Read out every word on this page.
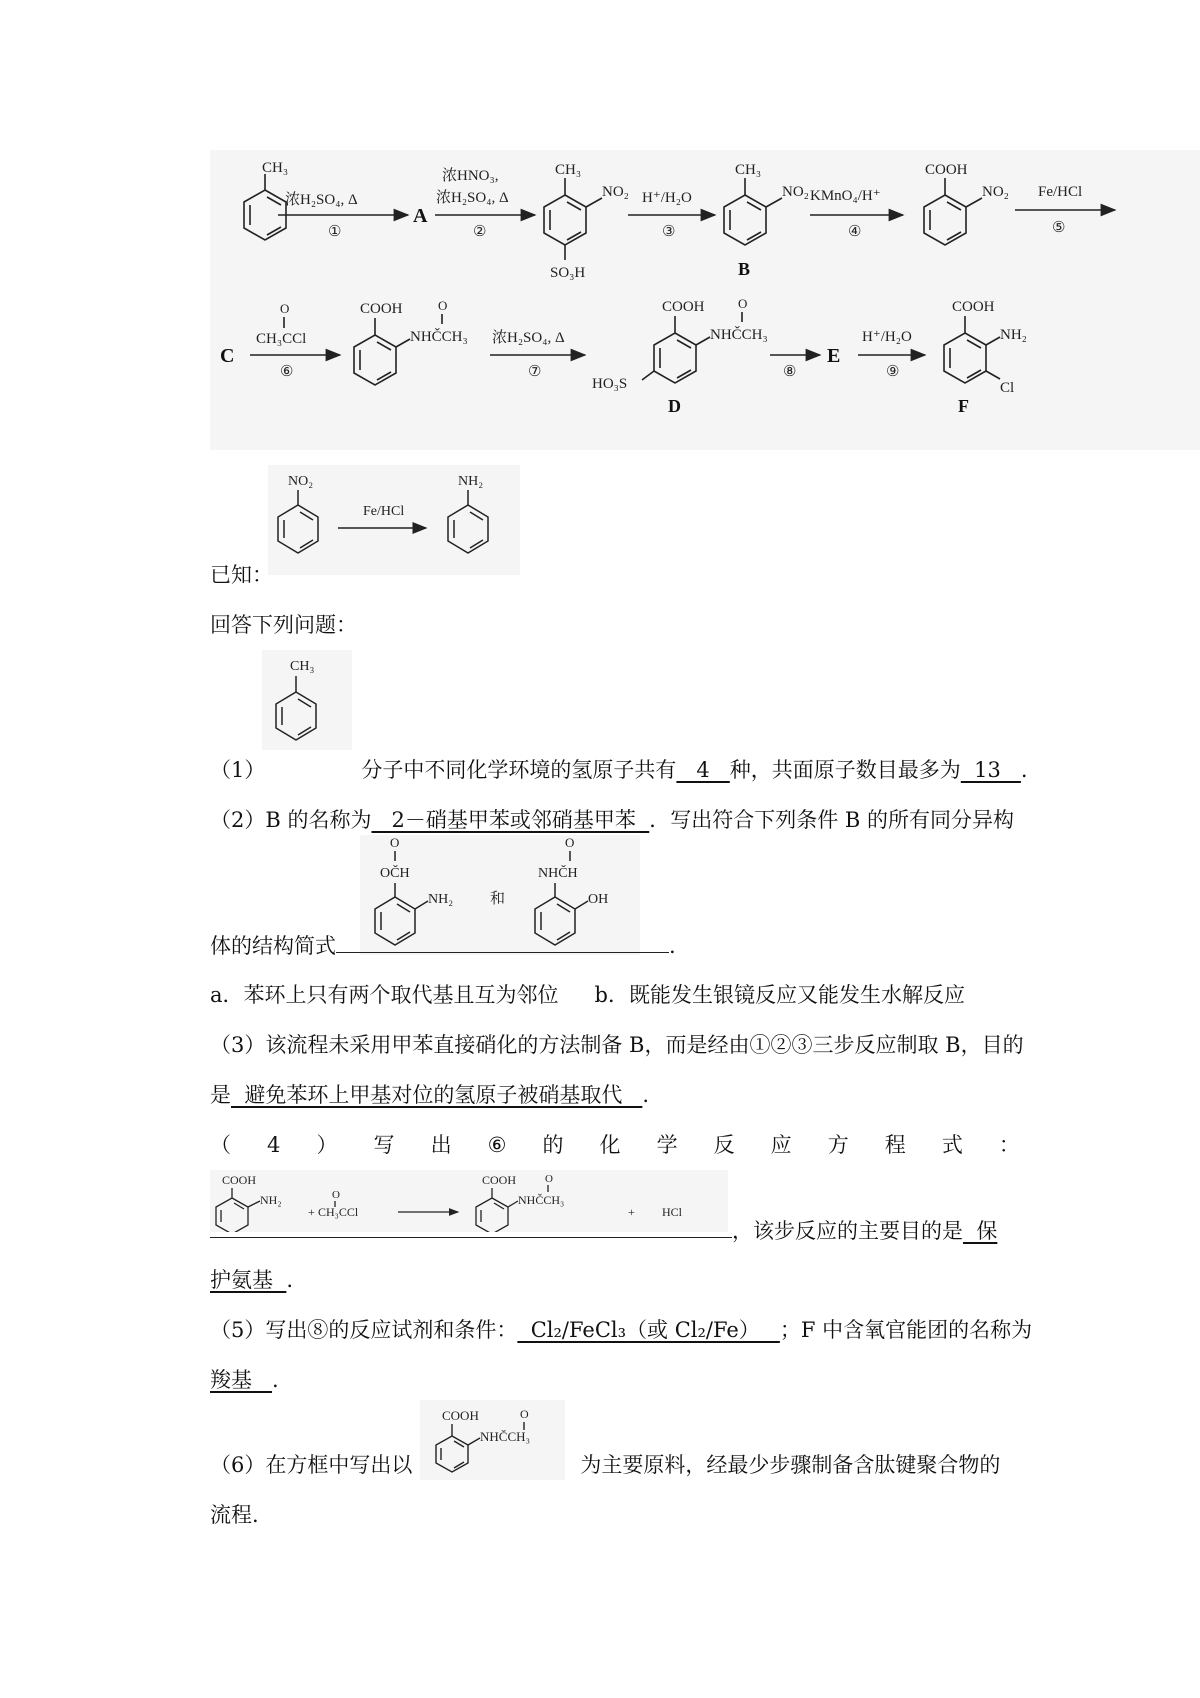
CH₃
浓H₂SO₄, Δ
①
A
浓HNO₃,
浓H₂SO₄, Δ
②
CH₃
NO₂
SO₃H
H⁺/H₂O
③
CH₃
NO₂
B
KMnO₄/H⁺
④
COOH
NO₂ Fe/HCl
⑤
C
O
CH₃CCl
⑥
COOH	O
NHČCH₃ 浓H₂SO₄, Δ
⑦
COOH	O
NHČCH₃
HO₃S
D
⑧
E
H⁺/H₂O
⑨
COOH
NH₂
Cl
F
NO₂
Fe/HCl
NH₂
已知：
回答下列问题：
CH₃
（1）	分子中不同化学环境的氢原子共有   4   种，共面原子数目最多为  13   .
（2）B 的名称为   2－硝基甲苯或邻硝基甲苯  ．写出符合下列条件 B 的所有同分异构
O
OČH
NH₂ 和
O
NHČH
OH
体的结构简式	.
a．苯环上只有两个取代基且互为邻位 b．既能发生银镜反应又能发生水解反应
（3）该流程未采用甲苯直接硝化的方法制备 B，而是经由①②③三步反应制取 B，目的
是  避免苯环上甲基对位的氢原子被硝基取代   .
（ 4 ） 写 出 ⑥ 的 化 学 反 应 方 程 式 ：
COOH
NH₂
+
O
CH₃CCl
COOH	O
NHČCH₃
+ HCl
，该步反应的主要目的是  保
护氨基  .
（5）写出⑧的反应试剂和条件：  Cl₂/FeCl₃（或 Cl₂/Fe）   ；F 中含氧官能团的名称为
羧基   .
COOH	O
NHČCH₃
（6）在方框中写出以	为主要原料，经最少步骤制备含肽键聚合物的
流程.
